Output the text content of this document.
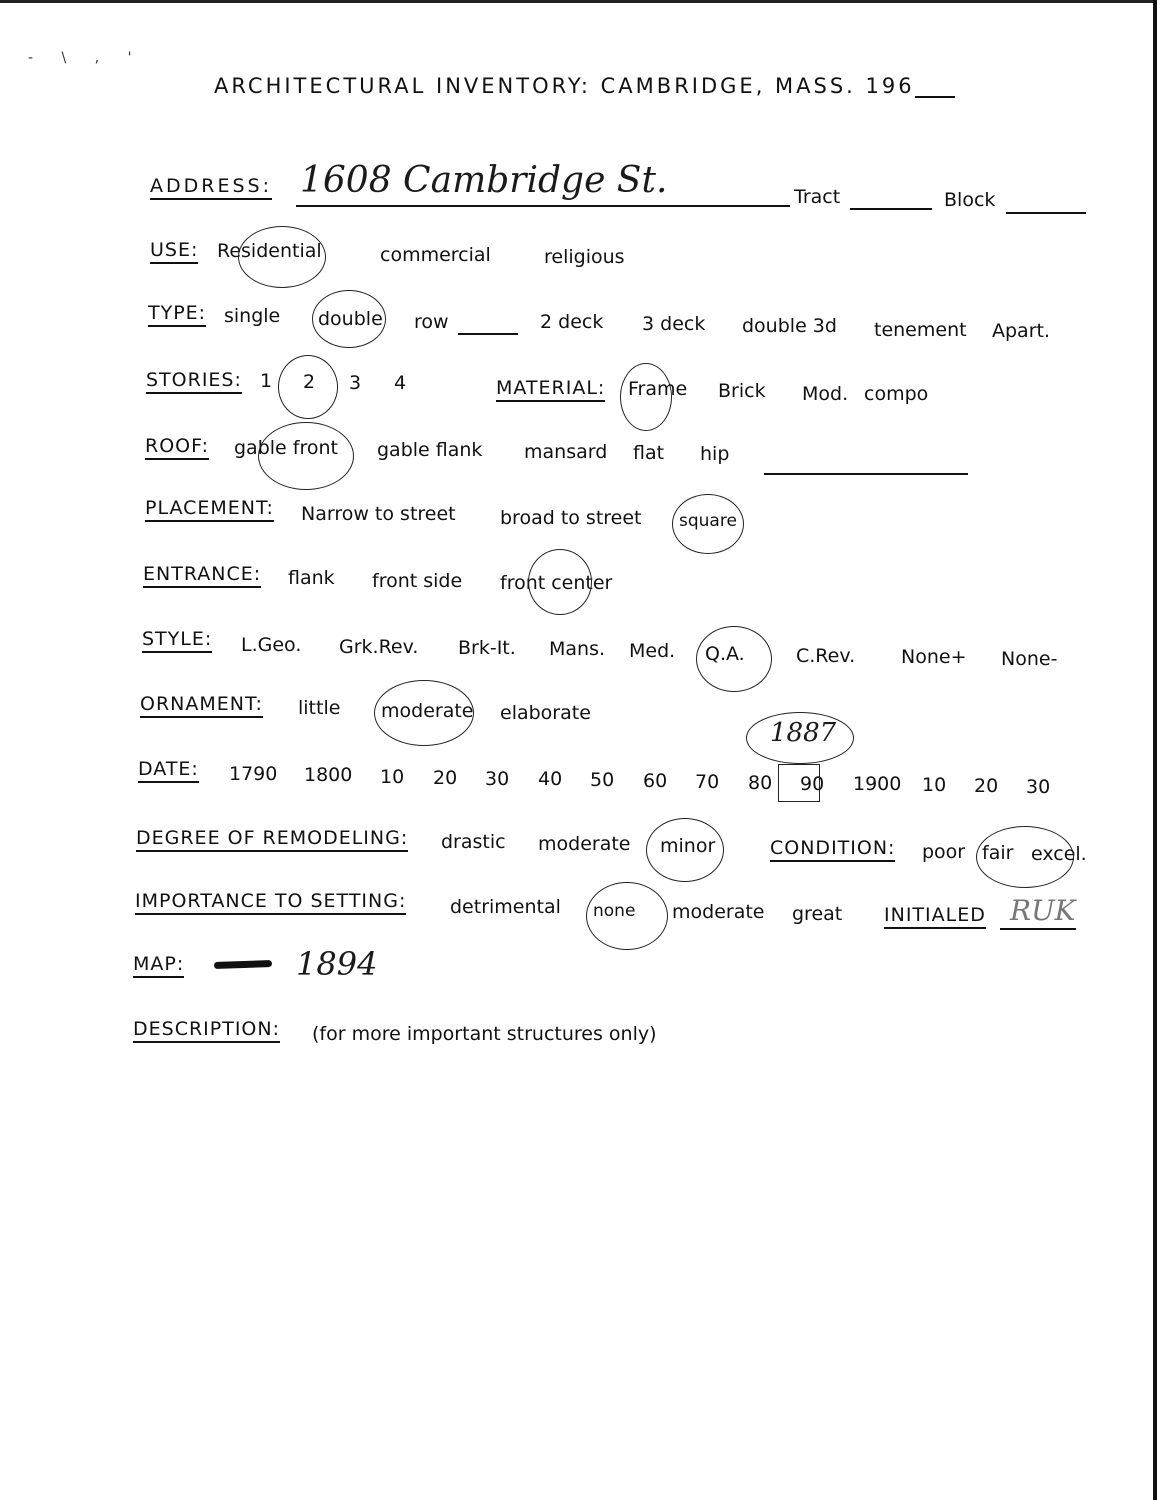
- \ , '
ARCHITECTURAL INVENTORY: CAMBRIDGE, MASS. 196
ADDRESS: 1608 Cambridge St.	Tract	Block
USE: Residential	commercial	religious
TYPE: single double row	2 deck 3 deck double 3d tenement Apart.
STORIES: 1 2 3 4	MATERIAL: Frame Brick Mod. compo
ROOF: gable front gable flank mansard flat hip
PLACEMENT: Narrow to street broad to street square
ENTRANCE: flank front side front center
STYLE: L.Geo. Grk.Rev. Brk-It. Mans. Med. Q.A.	C.Rev. None+ None-
ORNAMENT: little moderate elaborate
DATE: 1790 1800 10 20 30 40 50 60 70 80 90 1900 10 20 30
1887
DEGREE OF REMODELING: drastic moderate minor	CONDITION: poor fair excel.
IMPORTANCE TO SETTING: detrimental none moderate great INITIALED RUK
MAP:	1894
DESCRIPTION: (for more important structures only)
